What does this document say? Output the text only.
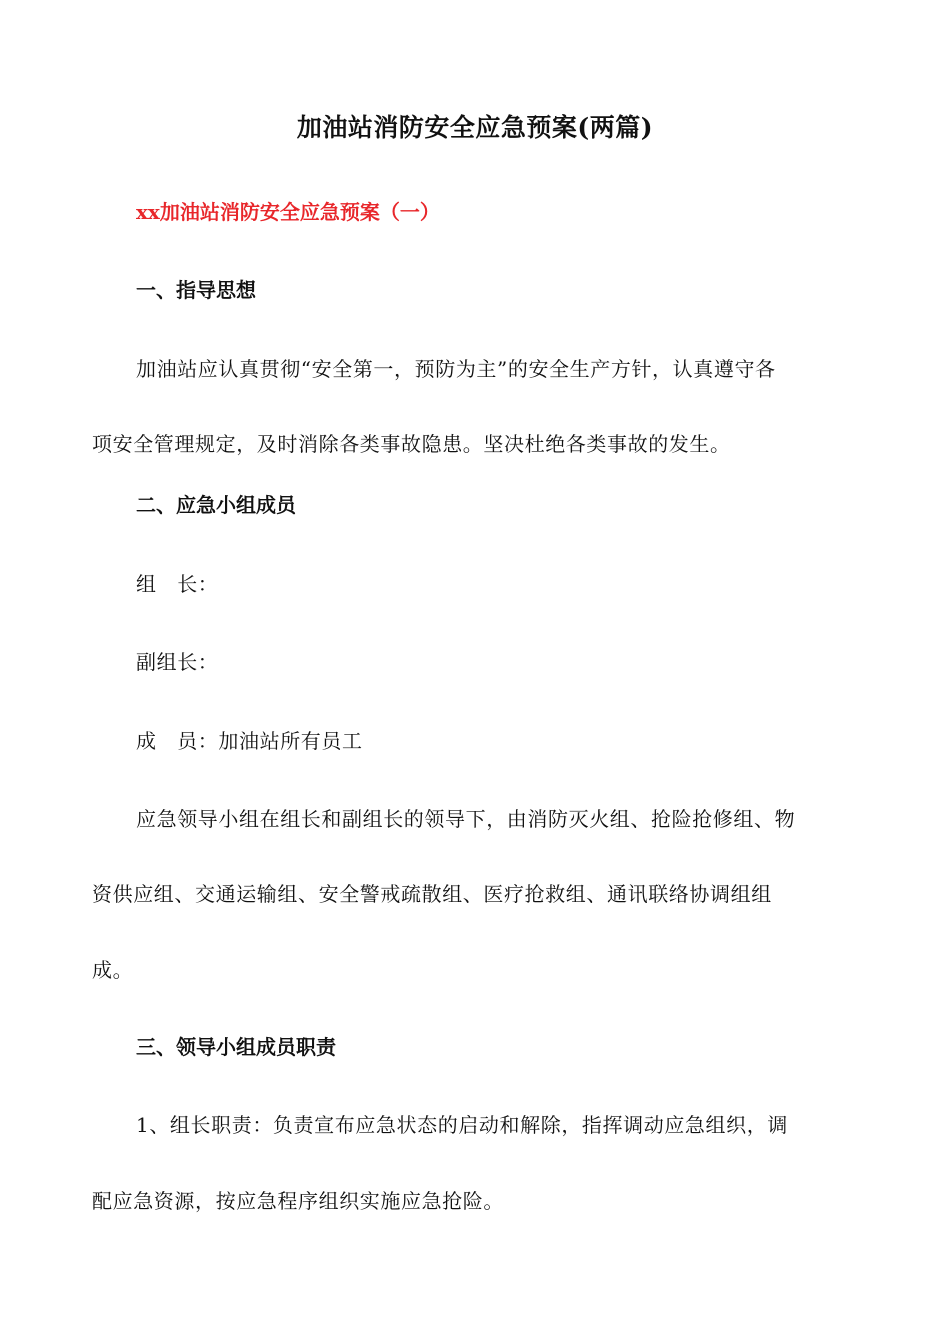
加油站消防安全应急预案(两篇)
xx加油站消防安全应急预案（一）
一、指导思想

加油站应认真贯彻“安全第一，预防为主”的安全生产方针，认真遵守各

项安全管理规定，及时消除各类事故隐患。坚决杜绝各类事故的发生。

二、应急小组成员

组　长：

副组长：

成　员：加油站所有员工

应急领导小组在组长和副组长的领导下，由消防灭火组、抢险抢修组、物

资供应组、交通运输组、安全警戒疏散组、医疗抢救组、通讯联络协调组组

成。

三、领导小组成员职责

1、组长职责：负责宣布应急状态的启动和解除，指挥调动应急组织，调

配应急资源，按应急程序组织实施应急抢险。
